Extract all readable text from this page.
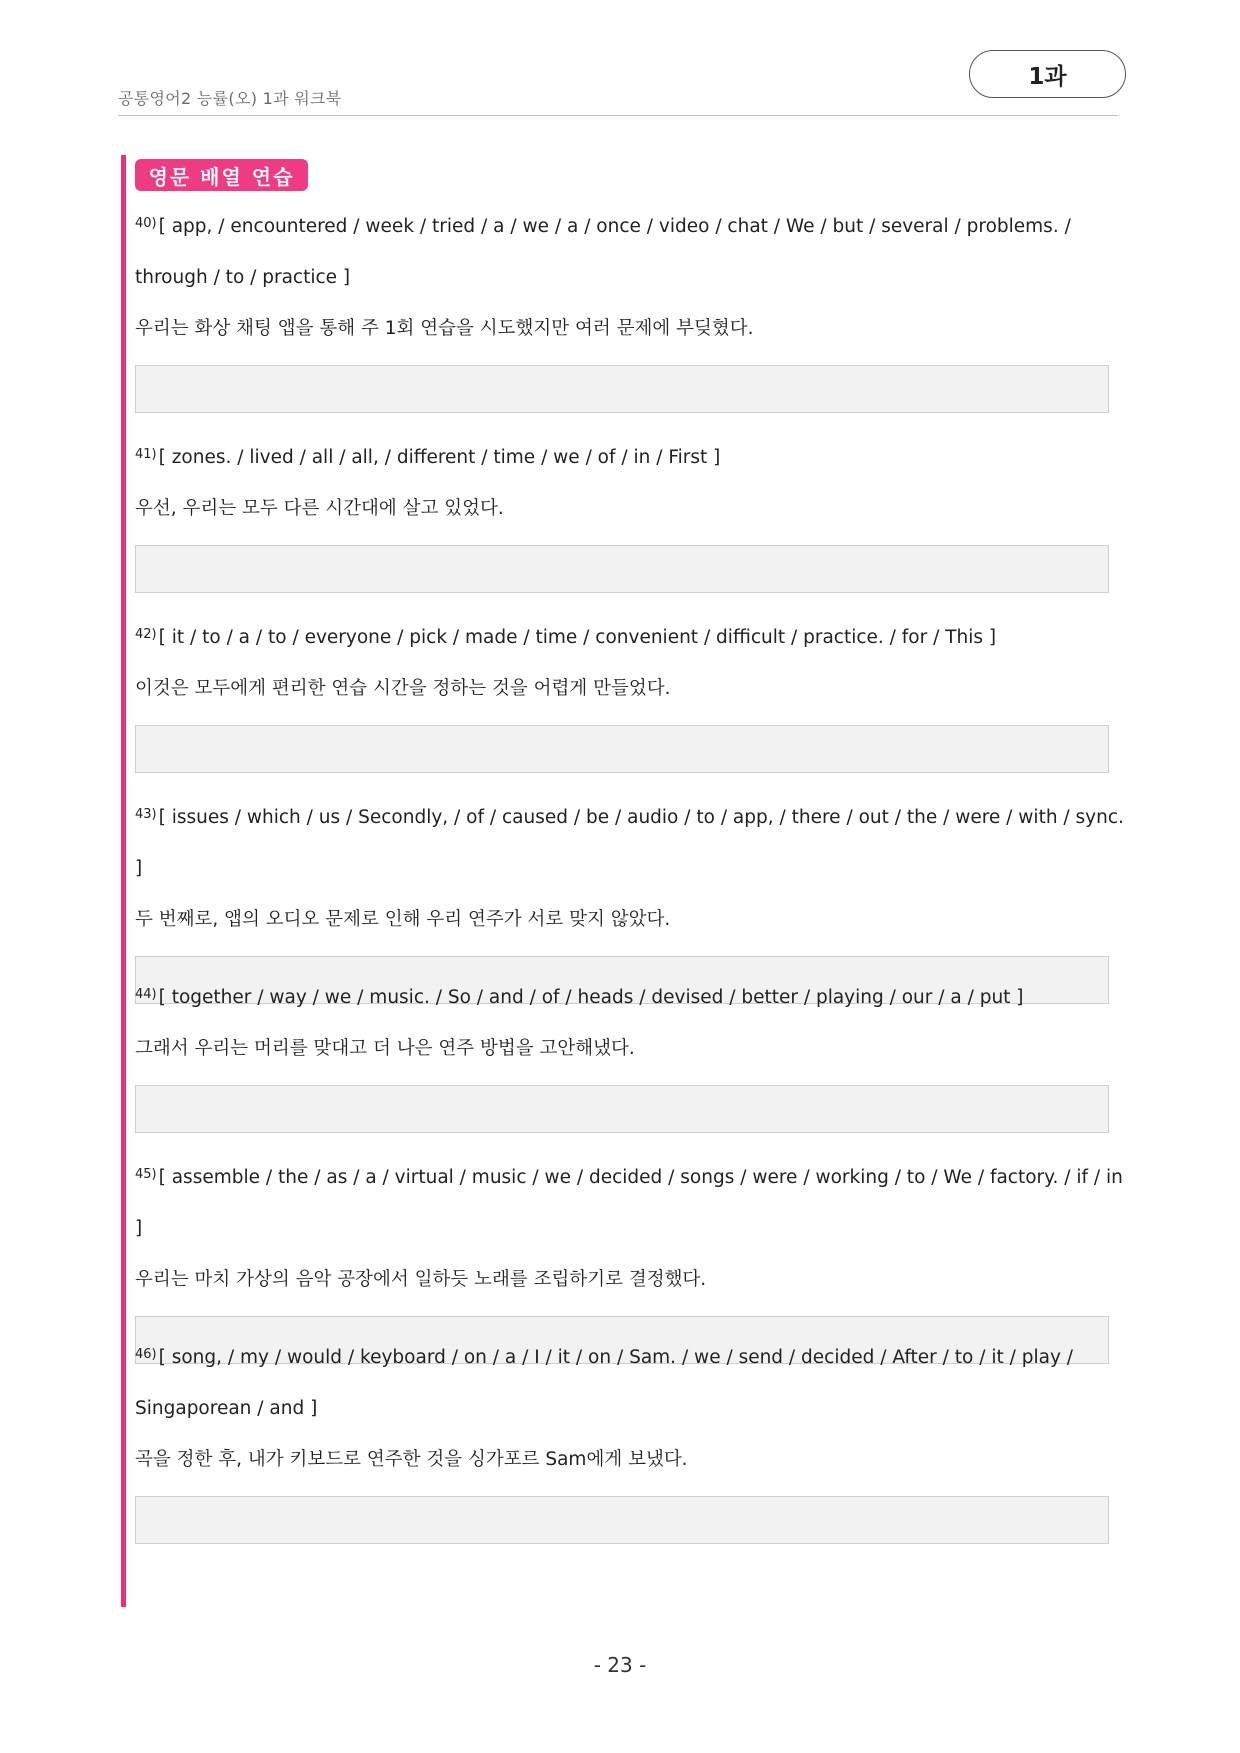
공통영어2 능률(오) 1과 워크북
1과
영문 배열 연습
$^{40)}$ [ app, / encountered / week / tried / a / we / a / once / video / chat / We / but / several / problems. / through / to / practice ]
우리는 화상 채팅 앱을 통해 주 1회 연습을 시도했지만 여러 문제에 부딪혔다.
$^{41)}$ [ zones. / lived / all / all, / different / time / we / of / in / First ]
우선, 우리는 모두 다른 시간대에 살고 있었다.
$^{42)}$ [ it / to / a / to / everyone / pick / made / time / convenient / difficult / practice. / for / This ]
이것은 모두에게 편리한 연습 시간을 정하는 것을 어렵게 만들었다.
$^{43)}$ [ issues / which / us / Secondly, / of / caused / be / audio / to / app, / there / out / the / were / with / sync. ]
두 번째로, 앱의 오디오 문제로 인해 우리 연주가 서로 맞지 않았다.
$^{44)}$ [ together / way / we / music. / So / and / of / heads / devised / better / playing / our / a / put ]
그래서 우리는 머리를 맞대고 더 나은 연주 방법을 고안해냈다.
$^{45)}$ [ assemble / the / as / a / virtual / music / we / decided / songs / were / working / to / We / factory. / if / in ]
우리는 마치 가상의 음악 공장에서 일하듯 노래를 조립하기로 결정했다.
$^{46)}$ [ song, / my / would / keyboard / on / a / I / it / on / Sam. / we / send / decided / After / to / it / play / Singaporean / and ]
곡을 정한 후, 내가 키보드로 연주한 것을 싱가포르 Sam에게 보냈다.
- 23 -
